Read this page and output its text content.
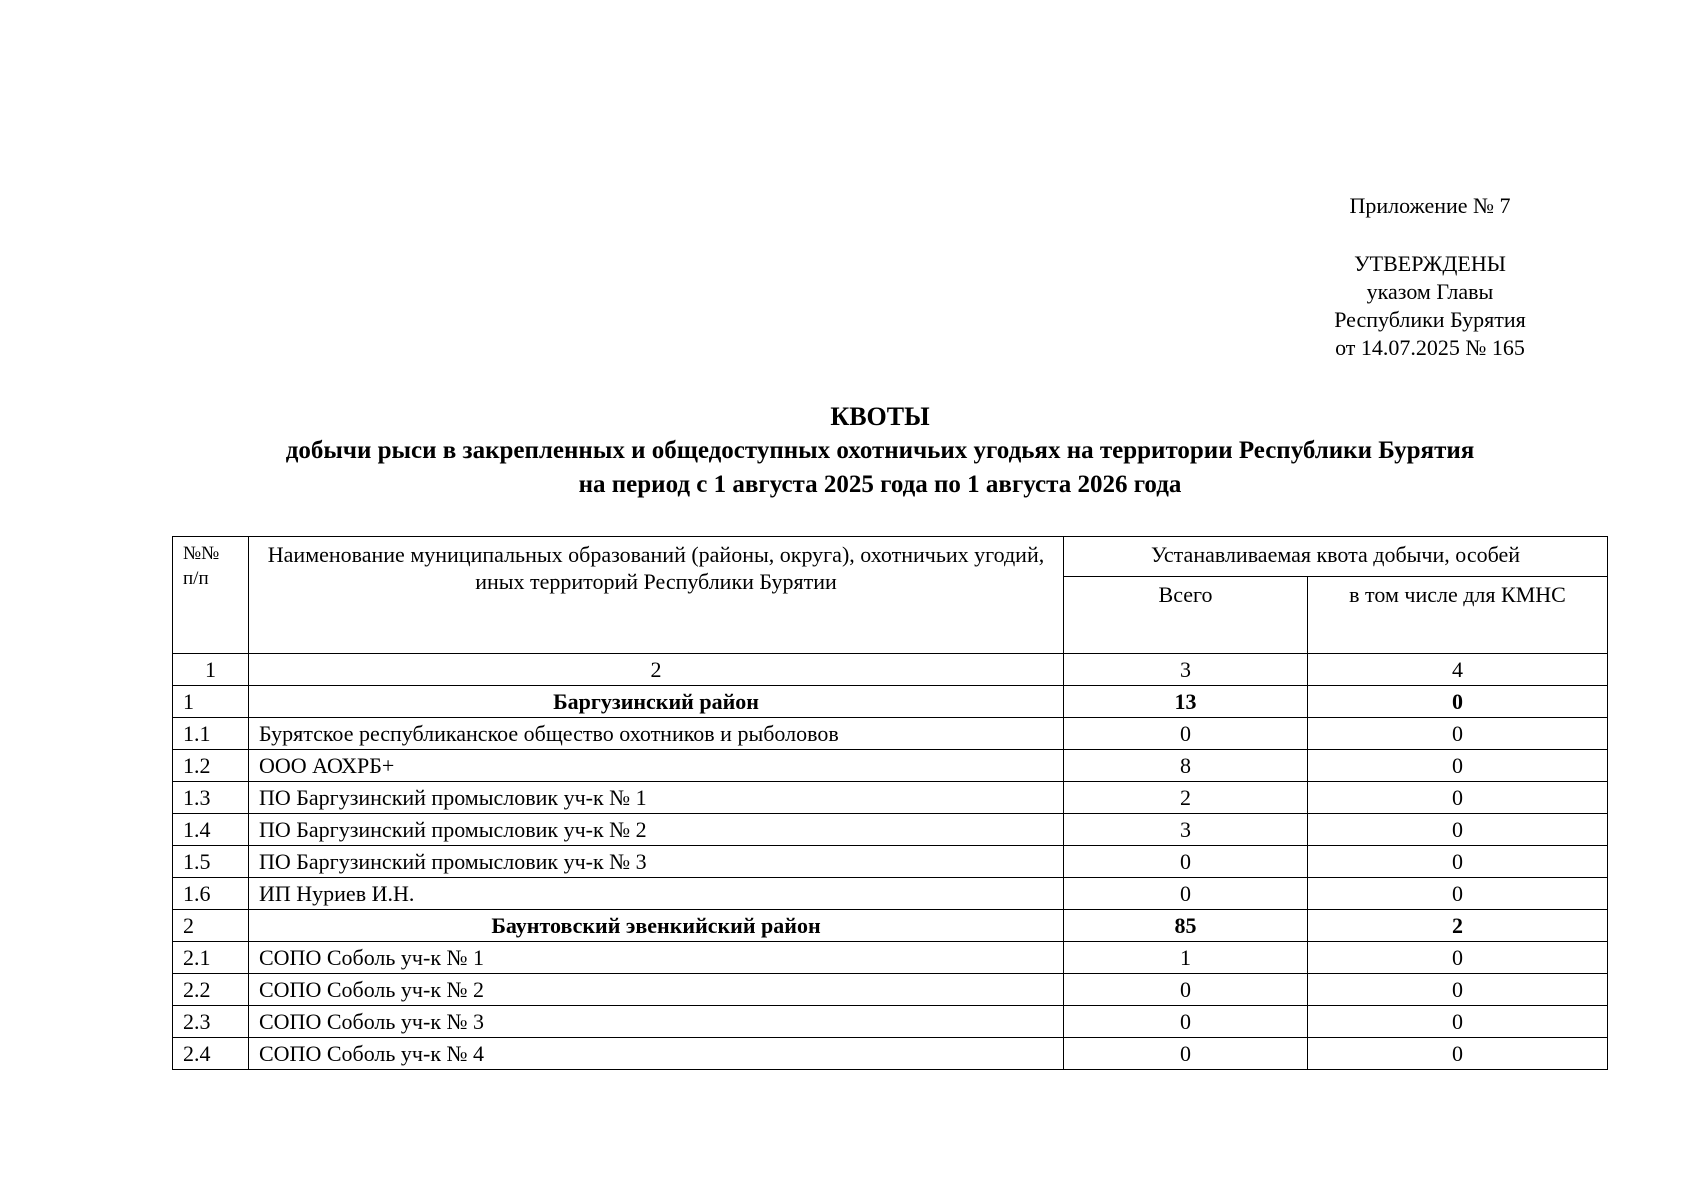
Приложение № 7
УТВЕРЖДЕНЫ
указом Главы
Республики Бурятия
от 14.07.2025 № 165
КВОТЫ
добычи рыси в закрепленных и общедоступных охотничьих угодьях на территории Республики Бурятия
на период с 1 августа 2025 года по 1 августа 2026 года
№№ п/п	Наименование муниципальных образований (районы, округа), охотничьих угодий, иных территорий Республики Бурятии	Устанавливаемая квота добычи, особей	
		Всего	в том числе для КМНС
1	2	3	4
1	Баргузинский район	13	0
1.1	Бурятское республиканское общество охотников и рыболовов	0	0
1.2	ООО АОХРБ+	8	0
1.3	ПО Баргузинский промысловик уч-к № 1	2	0
1.4	ПО Баргузинский промысловик уч-к № 2	3	0
1.5	ПО Баргузинский промысловик уч-к № 3	0	0
1.6	ИП Нуриев И.Н.	0	0
2	Баунтовский эвенкийский район	85	2
2.1	СОПО Соболь уч-к № 1	1	0
2.2	СОПО Соболь уч-к № 2	0	0
2.3	СОПО Соболь уч-к № 3	0	0
2.4	СОПО Соболь уч-к № 4	0	0
